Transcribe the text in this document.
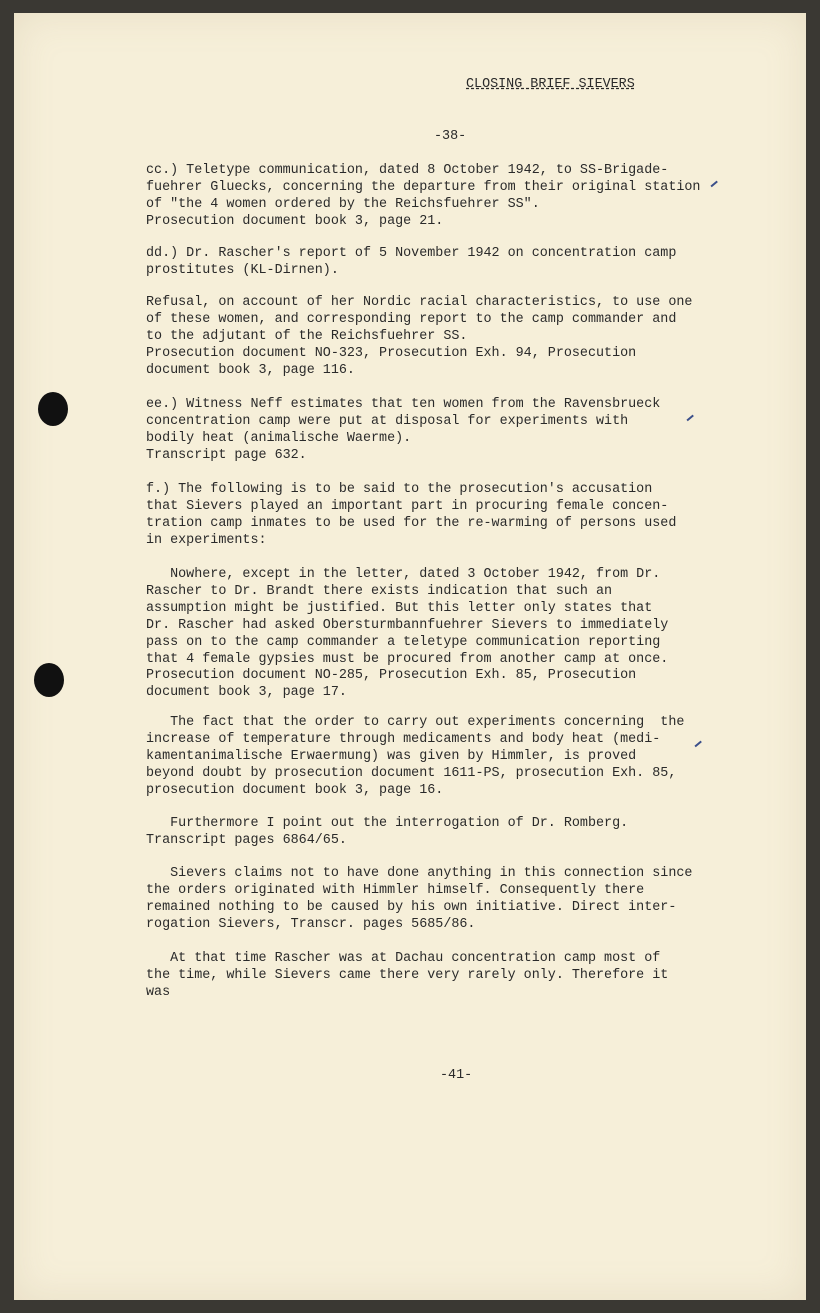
CLOSING BRIEF SIEVERS
-38-

cc.) Teletype communication, dated 8 October 1942, to SS-Brigade-
fuehrer Gluecks, concerning the departure from their original station
of "the 4 women ordered by the Reichsfuehrer SS".
Prosecution document book 3, page 21.

dd.) Dr. Rascher's report of 5 November 1942 on concentration camp
prostitutes (KL-Dirnen).

Refusal, on account of her Nordic racial characteristics, to use one
of these women, and corresponding report to the camp commander and
to the adjutant of the Reichsfuehrer SS.
Prosecution document NO-323, Prosecution Exh. 94, Prosecution
document book 3, page 116.

ee.) Witness Neff estimates that ten women from the Ravensbrueck
concentration camp were put at disposal for experiments with
bodily heat (animalische Waerme).
Transcript page 632.

f.) The following is to be said to the prosecution's accusation
that Sievers played an important part in procuring female concen-
tration camp inmates to be used for the re-warming of persons used
in experiments:

Nowhere, except in the letter, dated 3 October 1942, from Dr.
Rascher to Dr. Brandt there exists indication that such an
assumption might be justified. But this letter only states that
Dr. Rascher had asked Obersturmbannfuehrer Sievers to immediately
pass on to the camp commander a teletype communication reporting
that 4 female gypsies must be procured from another camp at once.
Prosecution document NO-285, Prosecution Exh. 85, Prosecution
document book 3, page 17.

The fact that the order to carry out experiments concerning  the
increase of temperature through medicaments and body heat (medi-
kamentanimalische Erwaermung) was given by Himmler, is proved
beyond doubt by prosecution document 1611-PS, prosecution Exh. 85,
prosecution document book 3, page 16.

Furthermore I point out the interrogation of Dr. Romberg.
Transcript pages 6864/65.

Sievers claims not to have done anything in this connection since
the orders originated with Himmler himself. Consequently there
remained nothing to be caused by his own initiative. Direct inter-
rogation Sievers, Transcr. pages 5685/86.

At that time Rascher was at Dachau concentration camp most of
the time, while Sievers came there very rarely only. Therefore it
was

-41-
